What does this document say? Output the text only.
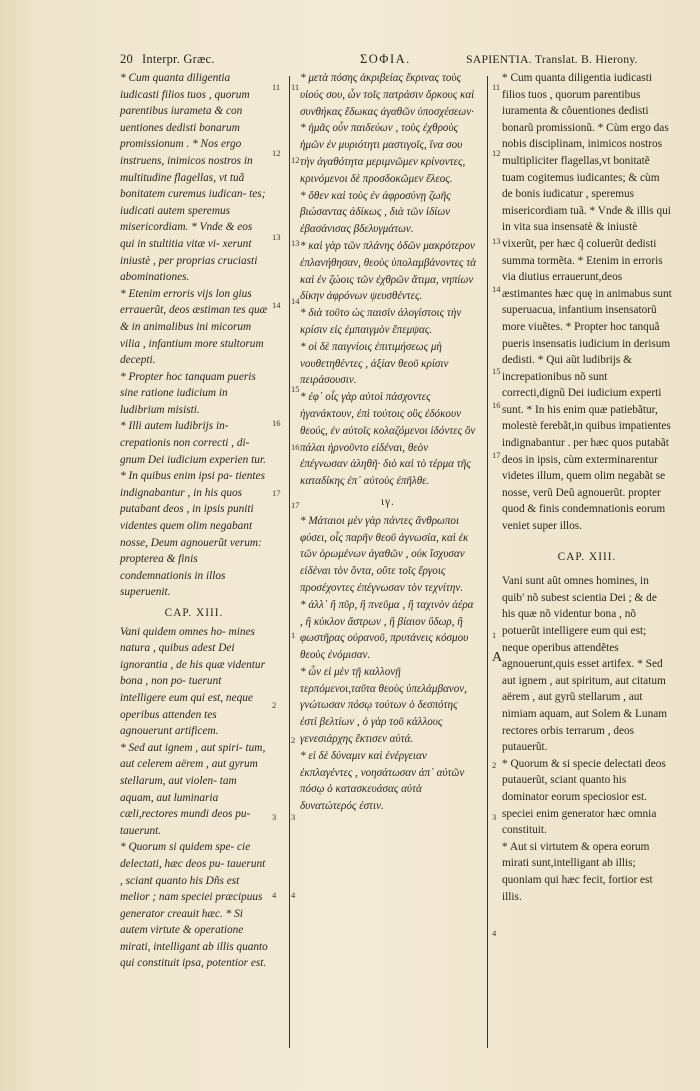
20 Interpr. Græc.	ΣΟΦΙΑ.	SAPIENTIA. Translat. B. Hierony.
11
12
13
14
16
17
2
3
4
11
12
13
14
15
16
17
1
2
3
4
11
12
13
14
15
16
17
1
A
2
3
4

* Cum quanta diligentia iudicasti filios tuos , quorum parentibus iurameta & con uentiones dedisti bonarum promissionum . * Nos ergo instruens, inimicos nostros in multitudine flagellas, vt tuã bonitatem curemus iudican- tes; iudicati autem speremus misericordiam. * Vnde & eos qui in stultitia vitæ vi- xerunt iniustè , per proprias cruciasti abominationes.

* Etenim erroris vijs lon gius errauerũt, deos æstiman tes quæ & in animalibus ini micorum vilia , infantium more stultorum decepti.

* Propter hoc tanquam pueris sine ratione iudicium in ludibrium misisti.

* Illi autem ludibrijs in- crepationis non correcti , di- gnum Dei iudicium experien tur.

* In quibus enim ipsi pa- tientes indignabantur , in his quos putabant deos , in ipsis puniti videntes quem olim negabant nosse, Deum agnouerũt verum: propterea & finis condemnationis in illos superuenit.

CAP. XIII.

Vani quidem omnes ho- mines natura , quibus adest Dei ignorantia , de his quæ videntur bona , non po- tuerunt intelligere eum qui est, neque operibus attenden tes agnouerunt artificem.

* Sed aut ignem , aut spiri- tum, aut celerem aërem , aut gyrum stellarum, aut violen- tam aquam, aut luminaria cæli,rectores mundi deos pu- tauerunt.

* Quorum si quidem spe- cie delectati, hæc deos pu- tauerunt , sciant quanto his Dñs est melior ; nam speciei præcipuus generator creauit hæc. * Si autem virtute & operatione mirati, intelligant ab illis quanto qui constituit ipsa, potentior est.

* μετὰ πόσης ἀκριβείας ἔκρινας τοὺς υἱούς σου, ὧν τοῖς πατράσιν ὅρκους καὶ συνθήκας ἔδωκας ἀγαθῶν ὑποσχέσεων·

* ἡμᾶς οὖν παιδεύων , τοὺς ἐχθροὺς ἡμῶν ἐν μυριότητι μαστιγοῖς, ἵνα σου τὴν ἀγαθότητα μεριμνῶμεν κρίνοντες, κρινόμενοι δὲ προσδοκῶμεν ἔλεος.

* ὅθεν καὶ τοὺς ἐν ἀφροσύνῃ ζωῆς βιώσαντας ἀδίκως , διὰ τῶν ἰδίων ἐβασάνισας βδελυγμάτων.

* καὶ γὰρ τῶν πλάνης ὁδῶν μακρότερον ἐπλανήθησαν, θεοὺς ὑπολαμβάνοντες τὰ καὶ ἐν ζώοις τῶν ἐχθρῶν ἄτιμα, νηπίων δίκην ἀφρόνων ψευσθέντες.

* διὰ τοῦτο ὡς παισὶν ἀλογίστοις τὴν κρίσιν εἰς ἐμπαιγμὸν ἔπεμψας.

* οἱ δὲ παιγνίοις ἐπιτιμήσεως μὴ νουθετηθέντες , ἀξίαν θεοῦ κρίσιν πειράσουσιν.

* ἐφ᾽ οἷς γὰρ αὐτοὶ πάσχοντες ἠγανάκτουν, ἐπὶ τούτοις οὓς ἐδόκουν θεούς, ἐν αὐτοῖς κολαζόμενοι ἰδόντες ὃν πάλαι ἠρνοῦντο εἰδέναι, θεὸν ἐπέγνωσαν ἀληθῆ· διὸ καὶ τὸ τέρμα τῆς καταδίκης ἐπ᾽ αὐτοὺς ἐπῆλθε.

ιγ.

* Μάταιοι μὲν γὰρ πάντες ἄνθρωποι φύσει, οἷς παρῆν θεοῦ ἀγνωσία, καὶ ἐκ τῶν ὁρωμένων ἀγαθῶν , οὐκ ἴσχυσαν εἰδέναι τὸν ὄντα, οὔτε τοῖς ἔργοις προσέχοντες ἐπέγνωσαν τὸν τεχνίτην.

* ἀλλ᾽ ἢ πῦρ, ἢ πνεῦμα , ἢ ταχινὸν ἀέρα , ἢ κύκλον ἄστρων , ἢ βίαιον ὕδωρ, ἢ φωστῆρας οὐρανοῦ, πρυτάνεις κόσμου θεοὺς ἐνόμισαν.

* ὧν εἰ μὲν τῇ καλλονῇ τερπόμενοι,ταῦτα θεοὺς ὑπελάμβανον, γνώτωσαν πόσῳ τούτων ὁ δεσπότης ἐστὶ βελτίων , ὁ γὰρ τοῦ κάλλους γενεσιάρχης ἔκτισεν αὐτά.

* εἰ δὲ δύναμιν καὶ ἐνέργειαν ἐκπλαγέντες , νοησάτωσαν ἀπ᾽ αὐτῶν πόσῳ ὁ κατασκευάσας αὐτὰ δυνατώτερός ἐστιν.

* Cum quanta diligentia iudicasti filios tuos , quorum parentibus iuramenta & cõuentiones dedisti bonarũ promissionũ. * Cùm ergo das nobis disciplinam, inimicos nostros multipliciter flagellas,vt bonitatẽ tuam cogitemus iudicantes; & cùm de bonis iudicatur , speremus misericordiam tuã. * Vnde & illis qui in vita sua insensatè & iniustè vixerũt, per hæc q̃ coluerũt dedisti summa tormẽta. * Etenim in erroris via diutius errauerunt,deos æstimantes hæc quę in animabus sunt superuacua, infantium insensatorũ more viuẽtes. * Propter hoc tanquã pueris insensatis iudicium in derisum dedisti. * Qui aũt ludibrijs & increpationibus nõ sunt correcti,dignũ Dei iudicium experti sunt. * In his enim quæ patiebãtur, molestè ferebãt,in quibus impatientes indignabantur . per hæc quos putabãt deos in ipsis, cùm exterminarentur videtes illum, quem olim negabãt se nosse, verũ Deũ agnouerũt. propter quod & finis condemnationis eorum veniet super illos.

CAP. XIII.

Vani sunt aũt omnes homines, in quib' nõ subest scientia Dei ; & de his quæ nõ videntur bona , nõ potuerũt intelligere eum qui est; neque operibus attendẽtes agnouerunt,quis esset artifex. * Sed aut ignem , aut spiritum, aut citatum aërem , aut gyrũ stellarum , aut nimiam aquam, aut Solem & Lunam rectores orbis terrarum , deos putauerũt.

* Quorum & si specie delectati deos putauerũt, sciant quanto his dominator eorum speciosior est. speciei enim generator hæc omnia constituit.

* Aut si virtutem & opera eorum mirati sunt,intelligant ab illis; quoniam qui hæc fecit, fortior est illis.
